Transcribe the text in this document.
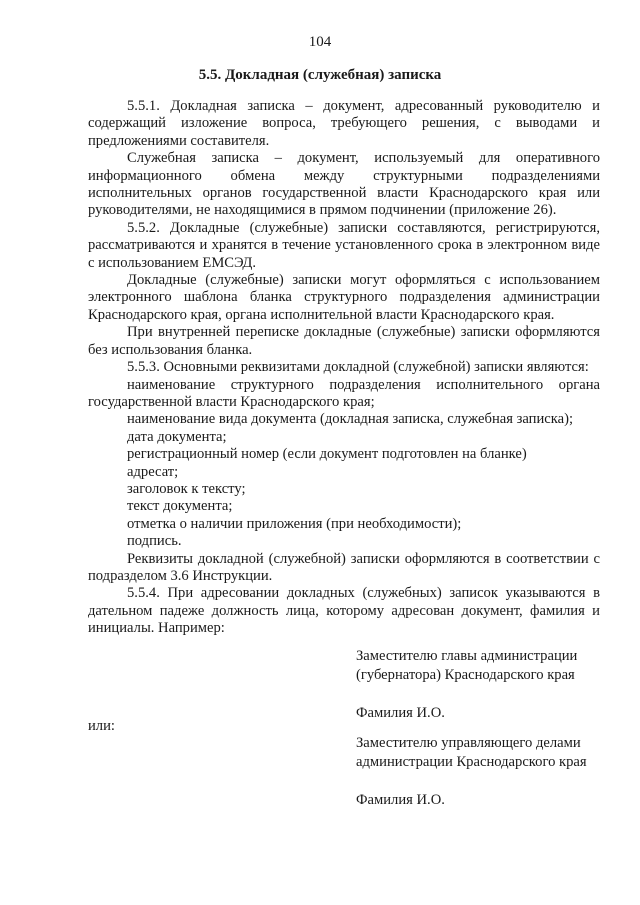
104
5.5. Докладная (служебная) записка

5.5.1. Докладная записка – документ, адресованный руководителю и содержащий изложение вопроса, требующего решения, с выводами и предложениями составителя.

Служебная записка – документ, используемый для оперативного информационного обмена между структурными подразделениями исполнительных органов государственной власти Краснодарского края или руководителями, не находящимися в прямом подчинении (приложение 26).

5.5.2. Докладные (служебные) записки составляются, регистрируются, рассматриваются и хранятся в течение установленного срока в электронном виде с использованием ЕМСЭД.

Докладные (служебные) записки могут оформляться с использованием электронного шаблона бланка структурного подразделения администрации Краснодарского края, органа исполнительной власти Краснодарского края.

При внутренней переписке докладные (служебные) записки оформляются без использования бланка.

5.5.3. Основными реквизитами докладной (служебной) записки являются:

наименование структурного подразделения исполнительного органа государственной власти Краснодарского края;

наименование вида документа (докладная записка, служебная записка);

дата документа;

регистрационный номер (если документ подготовлен на бланке)

адресат;

заголовок к тексту;

текст документа;

отметка о наличии приложения (при необходимости);

подпись.

Реквизиты докладной (служебной) записки оформляются в соответствии с подразделом 3.6 Инструкции.

5.5.4. При адресовании докладных (служебных) записок указываются в дательном падеже должность лица, которому адресован документ, фамилия и инициалы. Например:

Заместителю главы администрации
(губернатора) Краснодарского края
Фамилия И.О.
или:
Заместителю управляющего делами
администрации Краснодарского края
Фамилия И.О.
